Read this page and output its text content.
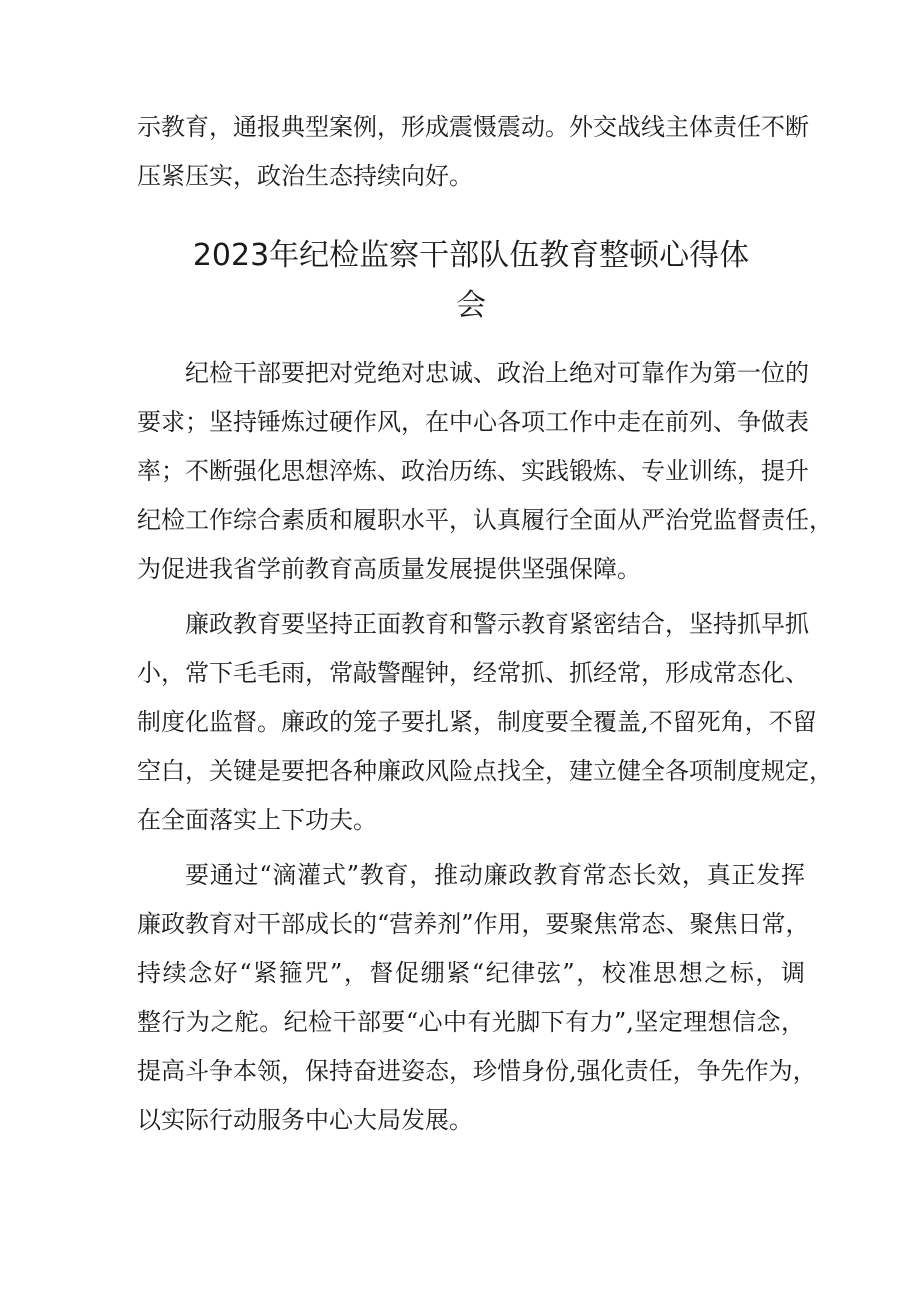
示教育，通报典型案例，形成震慑震动。外交战线主体责任不断
压紧压实，政治生态持续向好。
2023年纪检监察干部队伍教育整顿心得体
会
纪检干部要把对党绝对忠诚、政治上绝对可靠作为第一位的
要求；坚持锤炼过硬作风，在中心各项工作中走在前列、争做表
率；不断强化思想淬炼、政治历练、实践锻炼、专业训练，提升
纪检工作综合素质和履职水平，认真履行全面从严治党监督责任，
为促进我省学前教育高质量发展提供坚强保障。
廉政教育要坚持正面教育和警示教育紧密结合，坚持抓早抓
小，常下毛毛雨，常敲警醒钟，经常抓、抓经常，形成常态化、
制度化监督。廉政的笼子要扎紧，制度要全覆盖,不留死角，不留
空白，关键是要把各种廉政风险点找全，建立健全各项制度规定，
在全面落实上下功夫。
要通过“滴灌式”教育，推动廉政教育常态长效，真正发挥
廉政教育对干部成长的“营养剂”作用，要聚焦常态、聚焦日常，
持续念好“紧箍咒”，督促绷紧“纪律弦”，校准思想之标，调
整行为之舵。纪检干部要“心中有光脚下有力”,坚定理想信念，
提高斗争本领，保持奋进姿态，珍惜身份,强化责任，争先作为，
以实际行动服务中心大局发展。
